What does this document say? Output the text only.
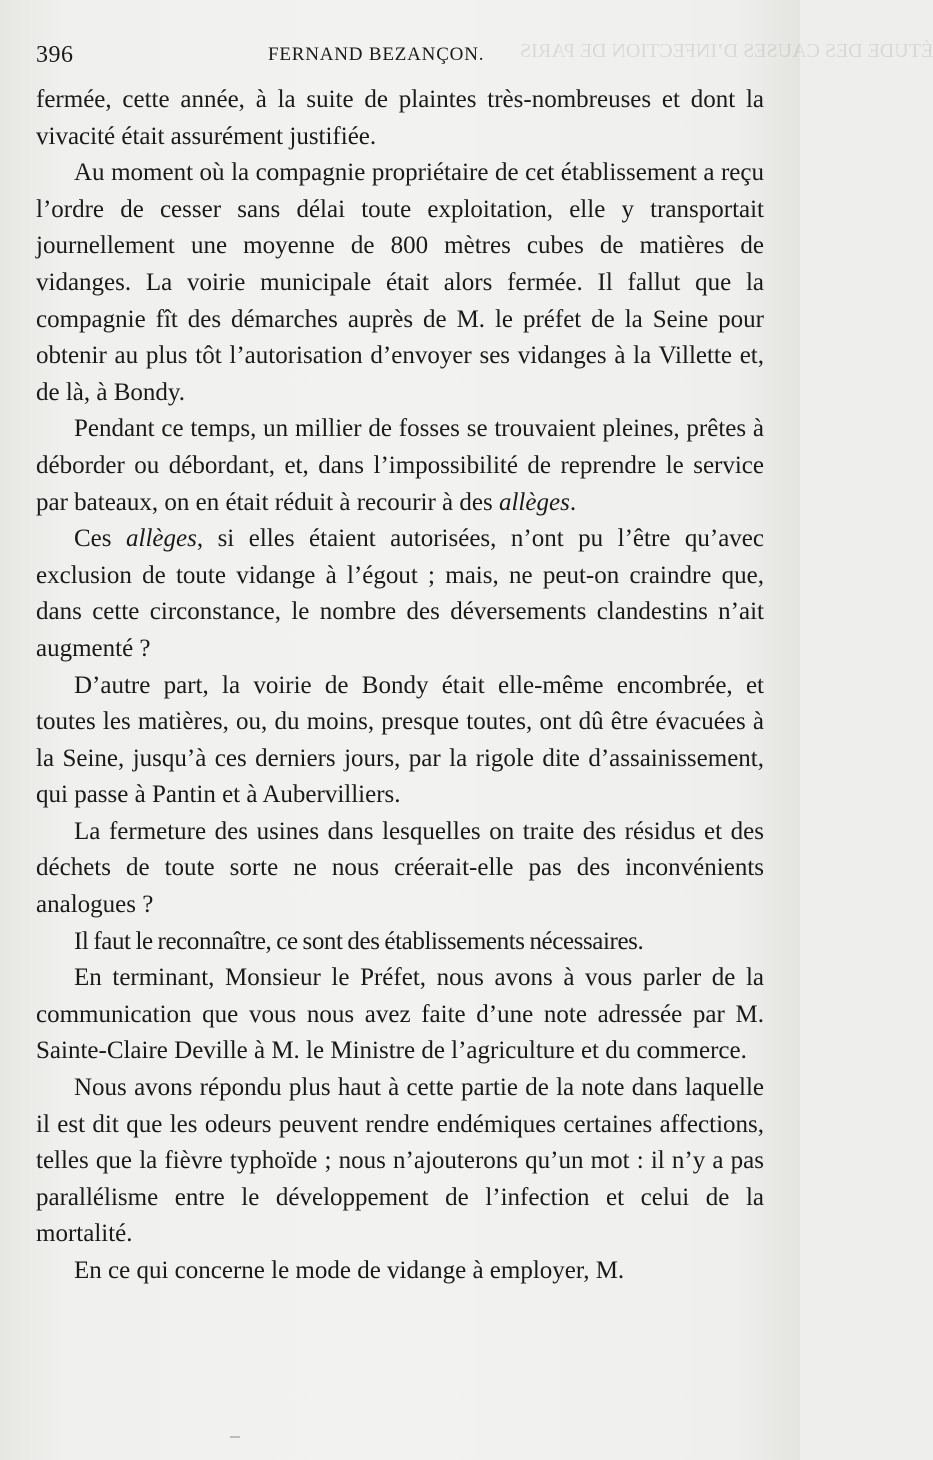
ÉTUDE DES CAUSES D’INFECTION DE PARIS
396	FERNAND BEZANÇON.

fermée, cette année, à la suite de plaintes très-nombreuses et dont la vivacité était assurément justifiée.

Au moment où la compagnie propriétaire de cet établissement a reçu l’ordre de cesser sans délai toute exploitation, elle y transportait journellement une moyenne de 800 mètres cubes de matières de vidanges. La voirie municipale était alors fermée. Il fallut que la compagnie fît des démarches auprès de M. le préfet de la Seine pour obtenir au plus tôt l’autorisation d’envoyer ses vidanges à la Villette et, de là, à Bondy.

Pendant ce temps, un millier de fosses se trouvaient pleines, prêtes à déborder ou débordant, et, dans l’impossibilité de reprendre le service par bateaux, on en était réduit à recourir à des allèges.

Ces allèges, si elles étaient autorisées, n’ont pu l’être qu’avec exclusion de toute vidange à l’égout ; mais, ne peut-on craindre que, dans cette circonstance, le nombre des déversements clandestins n’ait augmenté ?

D’autre part, la voirie de Bondy était elle-même encombrée, et toutes les matières, ou, du moins, presque toutes, ont dû être évacuées à la Seine, jusqu’à ces derniers jours, par la rigole dite d’assainissement, qui passe à Pantin et à Aubervilliers.

La fermeture des usines dans lesquelles on traite des résidus et des déchets de toute sorte ne nous créerait-elle pas des inconvénients analogues ?

Il faut le reconnaître, ce sont des établissements nécessaires.

En terminant, Monsieur le Préfet, nous avons à vous parler de la communication que vous nous avez faite d’une note adressée par M. Sainte-Claire Deville à M. le Ministre de l’agriculture et du commerce.

Nous avons répondu plus haut à cette partie de la note dans laquelle il est dit que les odeurs peuvent rendre endémiques certaines affections, telles que la fièvre typhoïde ; nous n’ajouterons qu’un mot : il n’y a pas parallélisme entre le développement de l’infection et celui de la mortalité.

En ce qui concerne le mode de vidange à employer, M.
